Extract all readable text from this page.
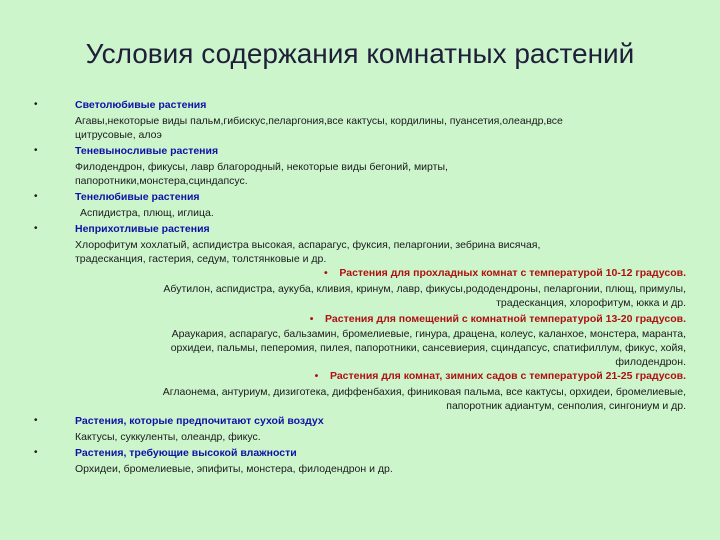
Условия содержания комнатных растений
•	Светолюбивые растения
Агавы,некоторые виды пальм,гибискус,пеларгония,все кактусы, кордилины, пуансетия,олеандр,все
цитрусовые, алоэ
•	Теневыносливые растения
Филодендрон, фикусы, лавр благородный, некоторые виды бегоний, мирты,
папоротники,монстера,сциндапсус.
•	Тенелюбивые растения
Аспидистра, плющ, иглица.
•	Неприхотливые растения
Хлорофитум хохлатый, аспидистра высокая, аспарагус, фуксия, пеларгонии, зебрина висячая,
традесканция, гастерия, седум, толстянковые и др.
• Растения для прохладных комнат с температурой 10-12 градусов.
Абутилон, аспидистра, аукуба, кливия, кринум, лавр, фикусы,рододендроны, пеларгонии, плющ, примулы,
традесканция, хлорофитум, юкка и др.
• Растения для помещений с комнатной температурой 13-20 градусов.
Араукария, аспарагус, бальзамин, бромелиевые, гинура, драцена, колеус, каланхое, монстера, маранта,
орхидеи, пальмы, пеперомия, пилея, папоротники, сансевиерия, сциндапсус, спатифиллум, фикус, хойя,
филодендрон.
• Растения для комнат, зимних садов с температурой 21-25 градусов.
Аглаонема, антуриум, дизиготека, диффенбахия, финиковая пальма, все кактусы, орхидеи, бромелиевые,
папоротник адиантум, сенполия, сингониум и др.
•	Растения, которые предпочитают сухой воздух
Кактусы, суккуленты, олеандр, фикус.
•	Растения, требующие высокой влажности
Орхидеи, бромелиевые, эпифиты, монстера, филодендрон и др.
